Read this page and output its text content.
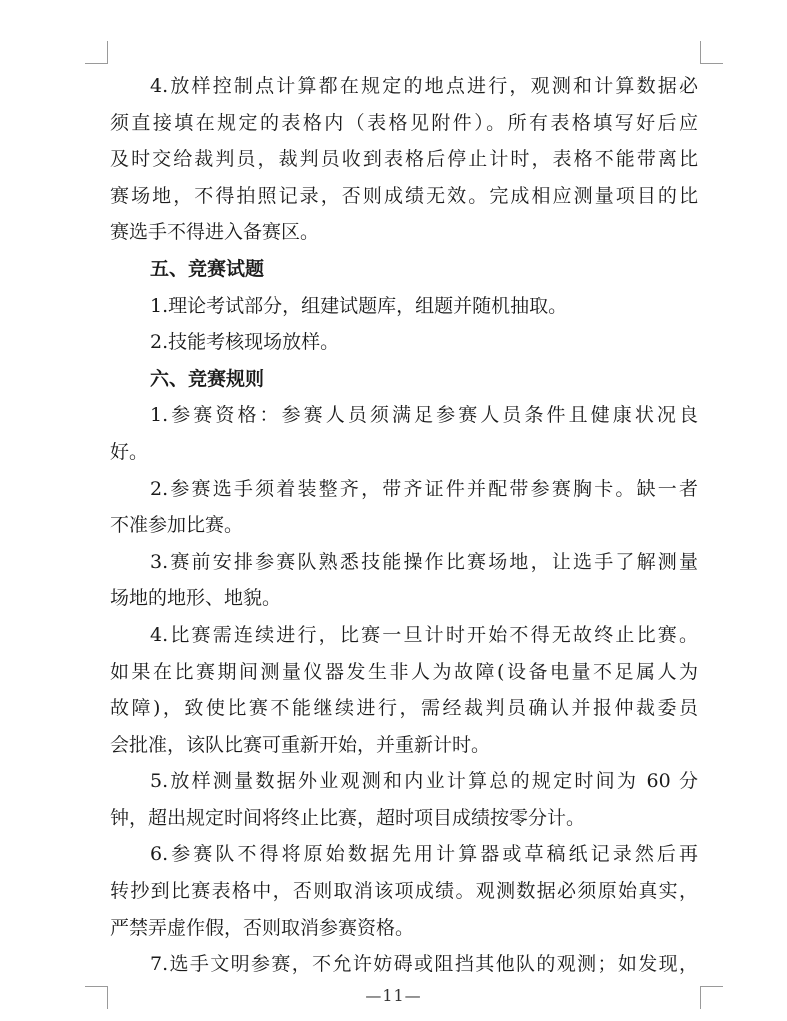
4.放样控制点计算都在规定的地点进行，观测和计算数据必
须直接填在规定的表格内（表格见附件）。所有表格填写好后应
及时交给裁判员，裁判员收到表格后停止计时，表格不能带离比
赛场地，不得拍照记录，否则成绩无效。完成相应测量项目的比
赛选手不得进入备赛区。
五、竞赛试题
1.理论考试部分，组建试题库，组题并随机抽取。
2.技能考核现场放样。
六、竞赛规则
1.参赛资格：参赛人员须满足参赛人员条件且健康状况良
好。
2.参赛选手须着装整齐，带齐证件并配带参赛胸卡。缺一者
不准参加比赛。
3.赛前安排参赛队熟悉技能操作比赛场地，让选手了解测量
场地的地形、地貌。
4.比赛需连续进行，比赛一旦计时开始不得无故终止比赛。
如果在比赛期间测量仪器发生非人为故障(设备电量不足属人为
故障)，致使比赛不能继续进行，需经裁判员确认并报仲裁委员
会批准，该队比赛可重新开始，并重新计时。
5.放样测量数据外业观测和内业计算总的规定时间为 60 分
钟，超出规定时间将终止比赛，超时项目成绩按零分计。
6.参赛队不得将原始数据先用计算器或草稿纸记录然后再
转抄到比赛表格中，否则取消该项成绩。观测数据必须原始真实，
严禁弄虚作假，否则取消参赛资格。
7.选手文明参赛，不允许妨碍或阻挡其他队的观测；如发现，
—11—
